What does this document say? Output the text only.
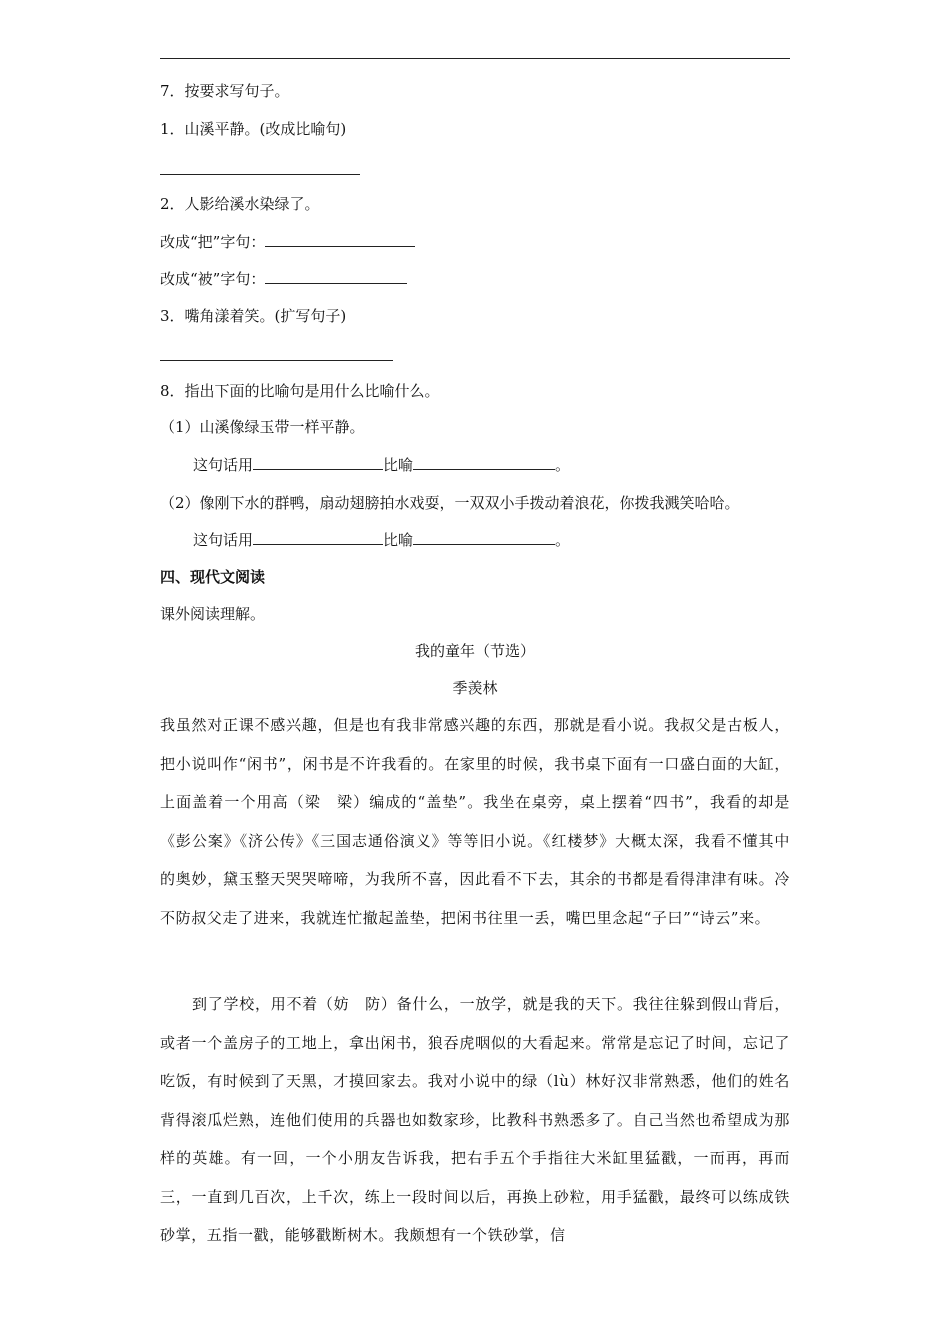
7．按要求写句子。
1．山溪平静。(改成比喻句)
2．人影给溪水染绿了。
改成“把”字句：
改成“被”字句：
3．嘴角漾着笑。(扩写句子)
8．指出下面的比喻句是用什么比喻什么。
（1）山溪像绿玉带一样平静。
这句话用	比喻	。
（2）像刚下水的群鸭，扇动翅膀拍水戏耍，一双双小手拨动着浪花，你拨我溅笑哈哈。
这句话用	比喻	。
四、现代文阅读
课外阅读理解。
我的童年（节选）
季羡林

我虽然对正课不感兴趣，但是也有我非常感兴趣的东西，那就是看小说。我叔父是古板人，把小说叫作“闲书”，闲书是不许我看的。在家里的时候，我书桌下面有一口盛白面的大缸，上面盖着一个用高（梁　梁）编成的“盖垫”。我坐在桌旁，桌上摆着“四书”，我看的却是《彭公案》《济公传》《三国志通俗演义》等等旧小说。《红楼梦》大概太深，我看不懂其中的奥妙，黛玉整天哭哭啼啼，为我所不喜，因此看不下去，其余的书都是看得津津有味。冷不防叔父走了进来，我就连忙撤起盖垫，把闲书往里一丢，嘴巴里念起“子曰”“诗云”来。

到了学校，用不着（妨　防）备什么，一放学，就是我的天下。我往往躲到假山背后，或者一个盖房子的工地上，拿出闲书，狼吞虎咽似的大看起来。常常是忘记了时间，忘记了吃饭，有时候到了天黑，才摸回家去。我对小说中的绿（lù）林好汉非常熟悉，他们的姓名背得滚瓜烂熟，连他们使用的兵器也如数家珍，比教科书熟悉多了。自己当然也希望成为那样的英雄。有一回，一个小朋友告诉我，把右手五个手指往大米缸里猛戳，一而再，再而三，一直到几百次，上千次，练上一段时间以后，再换上砂粒，用手猛戳，最终可以练成铁砂掌，五指一戳，能够戳断树木。我颇想有一个铁砂掌，信
